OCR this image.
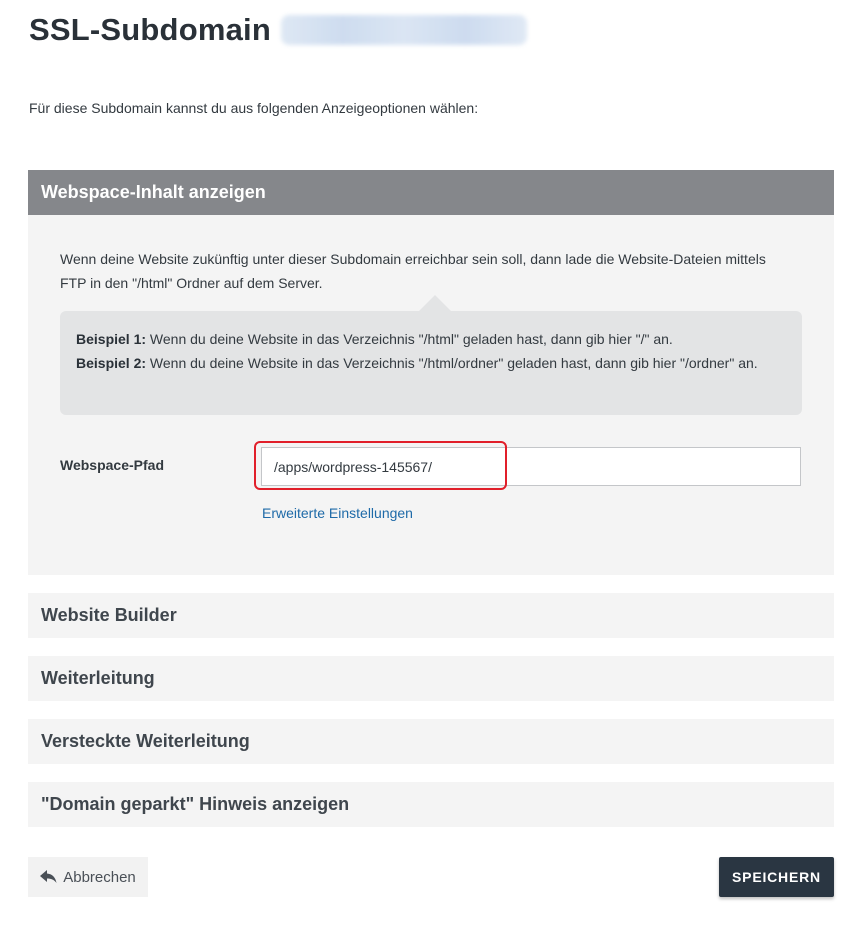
SSL-Subdomain
Für diese Subdomain kannst du aus folgenden Anzeigeoptionen wählen:
Webspace-Inhalt anzeigen
Wenn deine Website zukünftig unter dieser Subdomain erreichbar sein soll, dann lade die Website-Dateien mittels FTP in den "/html" Ordner auf dem Server.
Beispiel 1: Wenn du deine Website in das Verzeichnis "/html" geladen hast, dann gib hier "/" an.
Beispiel 2: Wenn du deine Website in das Verzeichnis "/html/ordner" geladen hast, dann gib hier "/ordner" an.
Webspace-Pfad
/apps/wordpress-145567/
Erweiterte Einstellungen
Website Builder
Weiterleitung
Versteckte Weiterleitung
"Domain geparkt" Hinweis anzeigen
Abbrechen	SPEICHERN
